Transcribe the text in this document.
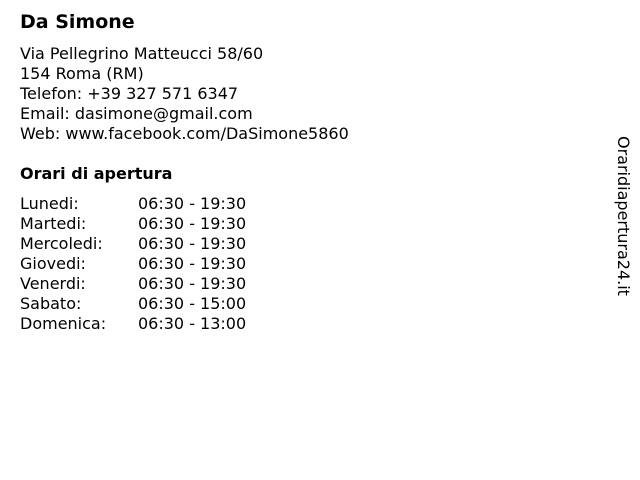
Da Simone
Via Pellegrino Matteucci 58/60
154 Roma (RM)
Telefon: +39 327 571 6347
Email: dasimone@gmail.com
Web: www.facebook.com/DaSimone5860
Orari di apertura
Lunedi:	06:30 - 19:30
Martedi:	06:30 - 19:30
Mercoledi: 06:30 - 19:30
Giovedi:	06:30 - 19:30
Venerdi:	06:30 - 19:30
Sabato:	06:30 - 15:00
Domenica: 06:30 - 13:00
Oraridiapertura24.it
